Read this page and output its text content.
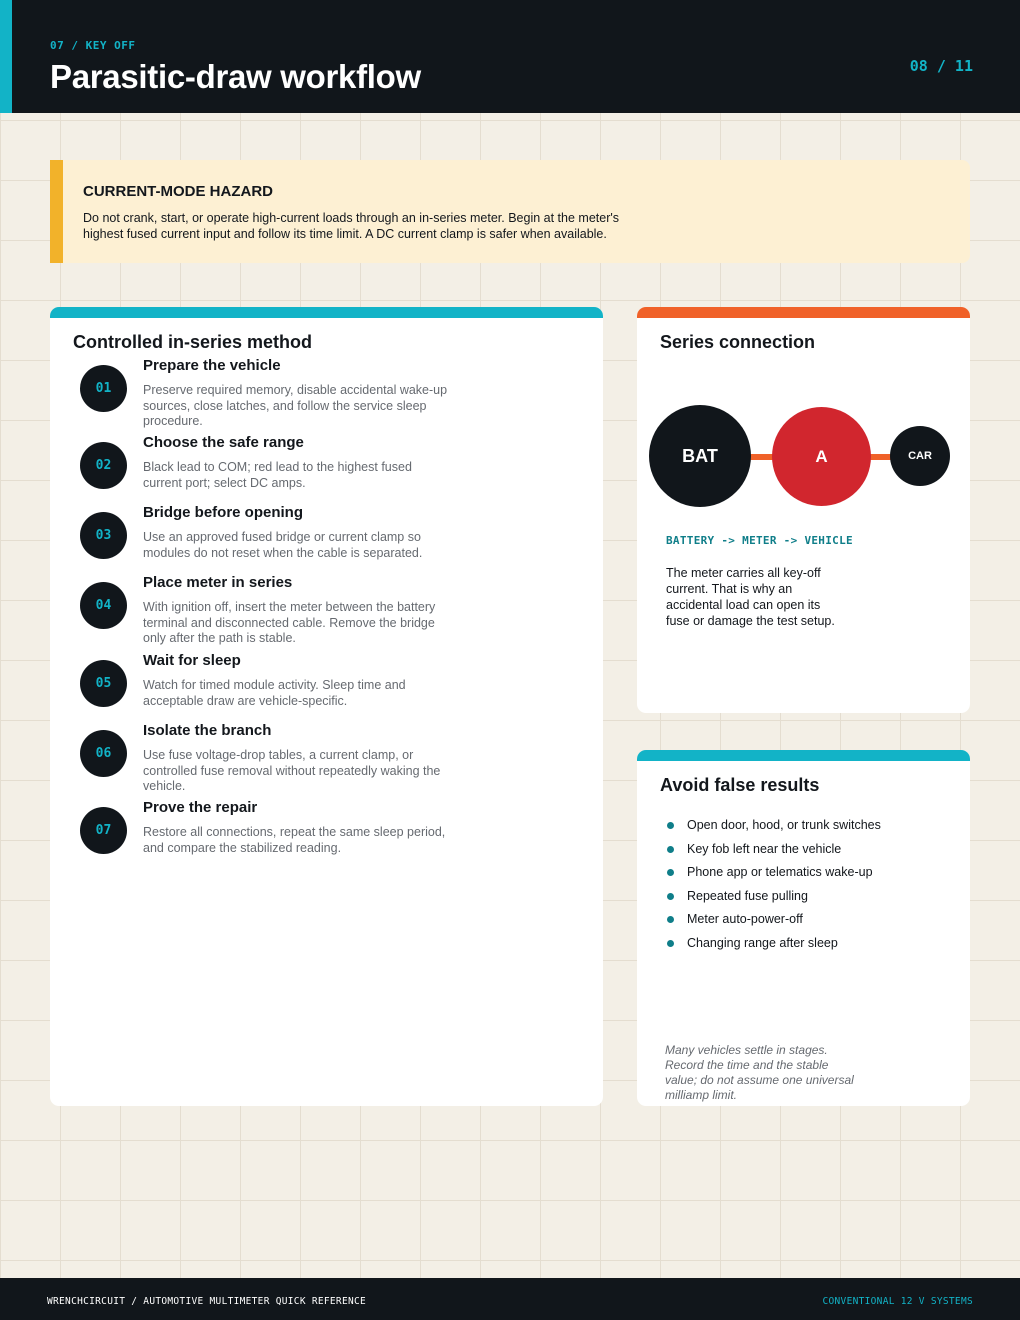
07 / KEY OFF
Parasitic-draw workflow	08 / 11
CURRENT-MODE HAZARD
Do not crank, start, or operate high-current loads through an in-series meter. Begin at the meter's highest fused current input and follow its time limit. A DC current clamp is safer when available.
Controlled in-series method
01
Prepare the vehicle
Preserve required memory, disable accidental wake-up sources, close latches, and follow the service sleep procedure.
02
Choose the safe range
Black lead to COM; red lead to the highest fused current port; select DC amps.
03
Bridge before opening
Use an approved fused bridge or current clamp so modules do not reset when the cable is separated.
04
Place meter in series
With ignition off, insert the meter between the battery terminal and disconnected cable. Remove the bridge only after the path is stable.
05
Wait for sleep
Watch for timed module activity. Sleep time and acceptable draw are vehicle-specific.
06
Isolate the branch
Use fuse voltage-drop tables, a current clamp, or controlled fuse removal without repeatedly waking the vehicle.
07
Prove the repair
Restore all connections, repeat the same sleep period, and compare the stabilized reading.
Series connection
BAT	A	CAR
BATTERY -> METER -> VEHICLE
The meter carries all key-off current. That is why an accidental load can open its fuse or damage the test setup.
Avoid false results
Open door, hood, or trunk switches
Key fob left near the vehicle
Phone app or telematics wake-up
Repeated fuse pulling
Meter auto-power-off
Changing range after sleep
Many vehicles settle in stages. Record the time and the stable value; do not assume one universal milliamp limit.
WRENCHCIRCUIT / AUTOMOTIVE MULTIMETER QUICK REFERENCE	CONVENTIONAL 12 V SYSTEMS
